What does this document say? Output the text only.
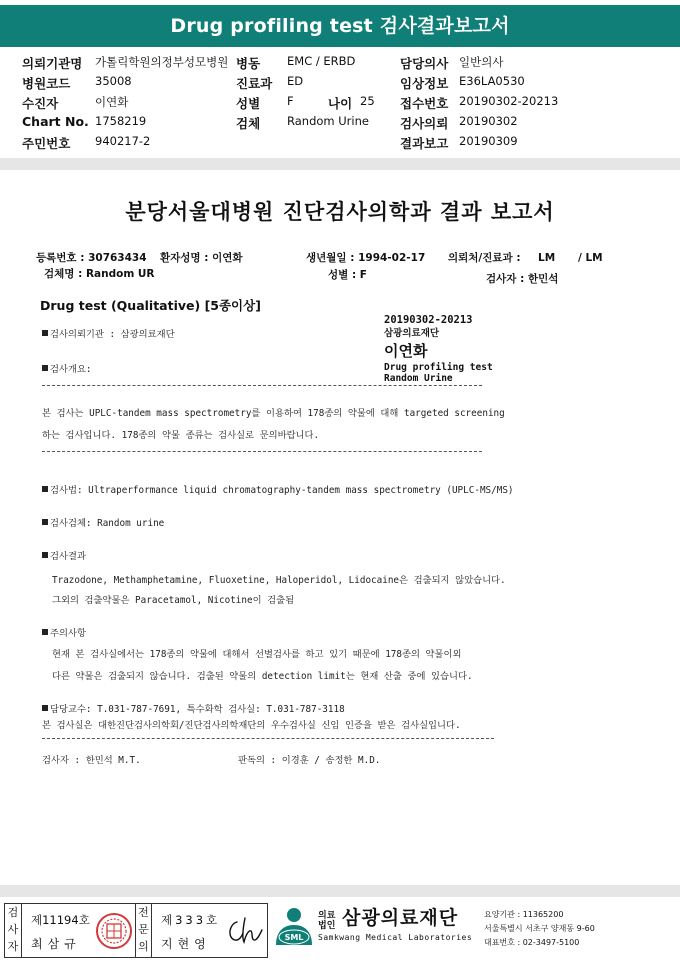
Drug profiling test 검사결과보고서
의뢰기관명 가톨릭학원의정부성모병원 병동 EMC / ERBD	담당의사 일반의사
병원코드 35008	진료과 ED	임상정보 E36LA0530
수진자	이연화	성별 F	나이 25 접수번호 20190302-20213
Chart No. 1758219	검체 Random Urine 검사의뢰 20190302
주민번호 940217-2	결과보고 20190309
분당서울대병원 진단검사의학과 결과 보고서
등록번호 : 30763434 환자성명 : 이연화	생년월일 : 1994-02-17 의뢰처/진료과 : LM / LM
검체명 : Random UR	성별 : F	검사자 : 한민석
Drug test (Qualitative) [5종이상]
20190302-20213
삼광의료재단
이연화
Drug profiling test
Random Urine
검사의뢰기관 : 삼광의료재단
검사개요:
본 검사는 UPLC-tandem mass spectrometry를 이용하여 178종의 약물에 대해 targeted screening
하는 검사입니다. 178종의 약물 종류는 검사실로 문의바랍니다.
검사법: Ultraperformance liquid chromatography-tandem mass spectrometry (UPLC-MS/MS)
검사검체: Random urine
검사결과
Trazodone, Methamphetamine, Fluoxetine, Haloperidol, Lidocaine은 검출되지 않았습니다.
그외의 검출약물은 Paracetamol, Nicotine이 검출됨
주의사항
현재 본 검사실에서는 178종의 약물에 대해서 선별검사를 하고 있기 때문에 178종의 약물이외
다른 약물은 검출되지 않습니다. 검출된 약물의 detection limit는 현재 산출 중에 있습니다.
담당교수: T.031-787-7691, 특수화학 검사실: T.031-787-3118
본 검사실은 대한진단검사의학회/진단검사의학재단의 우수검사실 신임 인증을 받은 검사실입니다.
검사자 : 한민석 M.T.	판독의 : 이경훈 / 송정한 M.D.
검
사
자
제11194호
최삼규
전
문
의
제333호
지현영	SML
의료
법인 삼광의료재단
Samkwang Medical Laboratories
요양기관 : 11365200
서울특별시 서초구 양재동 9-60
대표번호 : 02-3497-5100
